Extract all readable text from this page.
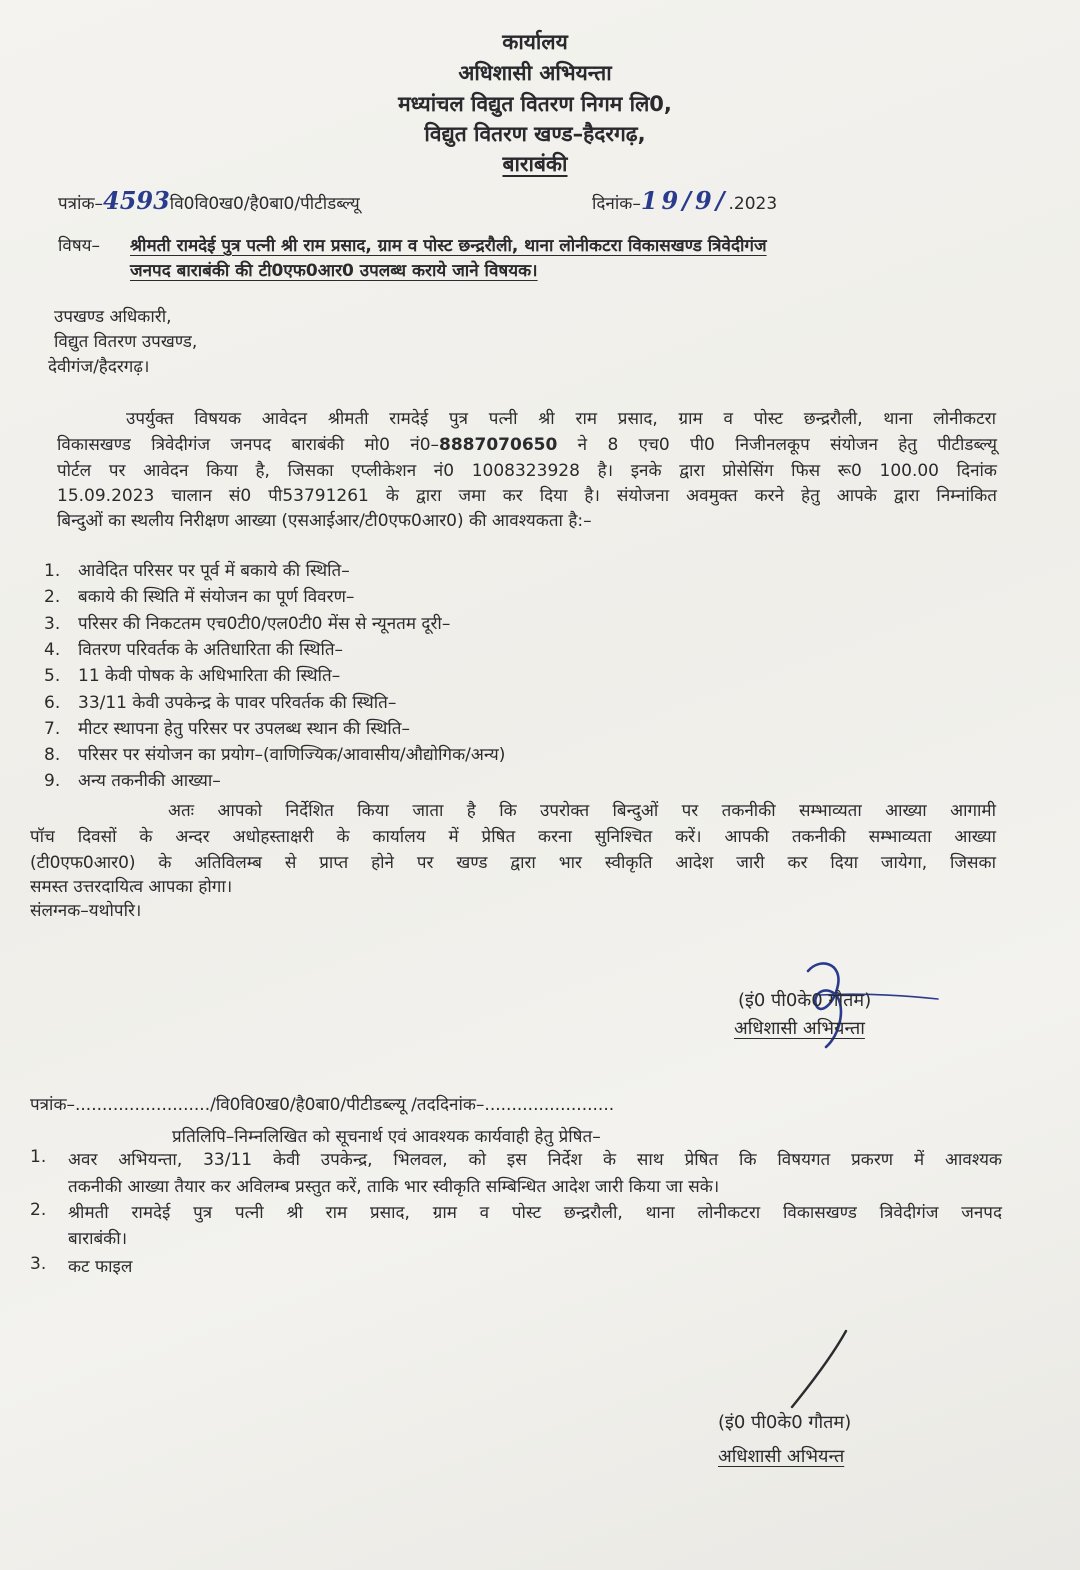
कार्यालय
अधिशासी अभियन्ता
मध्यांचल विद्युत वितरण निगम लि0,
विद्युत वितरण खण्ड–हैदरगढ़,
बाराबंकी
पत्रांक–4593वि0वि0ख0/है0बा0/पीटीडब्ल्यू	दिनांक–19/9/.2023
विषय– श्रीमती रामदेई पुत्र पत्नी श्री राम प्रसाद, ग्राम व पोस्ट छन्द्ररौली, थाना लोनीकटरा विकासखण्ड त्रिवेदीगंज
जनपद बाराबंकी की टी0एफ0आर0 उपलब्ध कराये जाने विषयक।
उपखण्ड अधिकारी,
विद्युत वितरण उपखण्ड,
देवीगंज/हैदरगढ़।
उपर्युक्त विषयक आवेदन श्रीमती रामदेई पुत्र पत्नी श्री राम प्रसाद, ग्राम व पोस्ट छन्द्ररौली, थाना लोनीकटरा
विकासखण्ड त्रिवेदीगंज जनपद बाराबंकी मो0 नं0–8887070650 ने 8 एच0 पी0 निजीनलकूप संयोजन हेतु पीटीडब्ल्यू
पोर्टल पर आवेदन किया है, जिसका एप्लीकेशन नं0 1008323928 है। इनके द्वारा प्रोसेसिंग फिस रू0 100.00 दिनांक
15.09.2023 चालान सं0 पी53791261 के द्वारा जमा कर दिया है। संयोजना अवमुक्त करने हेतु आपके द्वारा निम्नांकित
बिन्दुओं का स्थलीय निरीक्षण आख्या (एसआईआर/टी0एफ0आर0) की आवश्यकता है:–
1. आवेदित परिसर पर पूर्व में बकाये की स्थिति–
2. बकाये की स्थिति में संयोजन का पूर्ण विवरण–
3. परिसर की निकटतम एच0टी0/एल0टी0 मेंस से न्यूनतम दूरी–
4. वितरण परिवर्तक के अतिधारिता की स्थिति–
5. 11 केवी पोषक के अधिभारिता की स्थिति–
6. 33/11 केवी उपकेन्द्र के पावर परिवर्तक की स्थिति–
7. मीटर स्थापना हेतु परिसर पर उपलब्ध स्थान की स्थिति–
8. परिसर पर संयोजन का प्रयोग–(वाणिज्यिक/आवासीय/औद्योगिक/अन्य)
9. अन्य तकनीकी आख्या–
अतः आपको निर्देशित किया जाता है कि उपरोक्त बिन्दुओं पर तकनीकी सम्भाव्यता आख्या आगामी
पॉच दिवसों के अन्दर अधोहस्ताक्षरी के कार्यालय में प्रेषित करना सुनिश्चित करें। आपकी तकनीकी सम्भाव्यता आख्या
(टी0एफ0आर0) के अतिविलम्ब से प्राप्त होने पर खण्ड द्वारा भार स्वीकृति आदेश जारी कर दिया जायेगा, जिसका
समस्त उत्तरदायित्व आपका होगा।
संलग्नक–यथोपरि।
(इं0 पी0के0 गौतम)
अधिशासी अभियन्ता
पत्रांक–........................./वि0वि0ख0/है0बा0/पीटीडब्ल्यू /तददिनांक–........................
प्रतिलिपि–निम्नलिखित को सूचनार्थ एवं आवश्यक कार्यवाही हेतु प्रेषित–
1. अवर अभियन्ता, 33/11 केवी उपकेन्द्र, भिलवल, को इस निर्देश के साथ प्रेषित कि विषयगत प्रकरण में आवश्यक
तकनीकी आख्या तैयार कर अविलम्ब प्रस्तुत करें, ताकि भार स्वीकृति सम्बिन्धित आदेश जारी किया जा सके।
2. श्रीमती रामदेई पुत्र पत्नी श्री राम प्रसाद, ग्राम व पोस्ट छन्द्ररौली, थाना लोनीकटरा विकासखण्ड त्रिवेदीगंज जनपद
बाराबंकी।
3. कट फाइल
(इं0 पी0के0 गौतम)
अधिशासी अभियन्त
